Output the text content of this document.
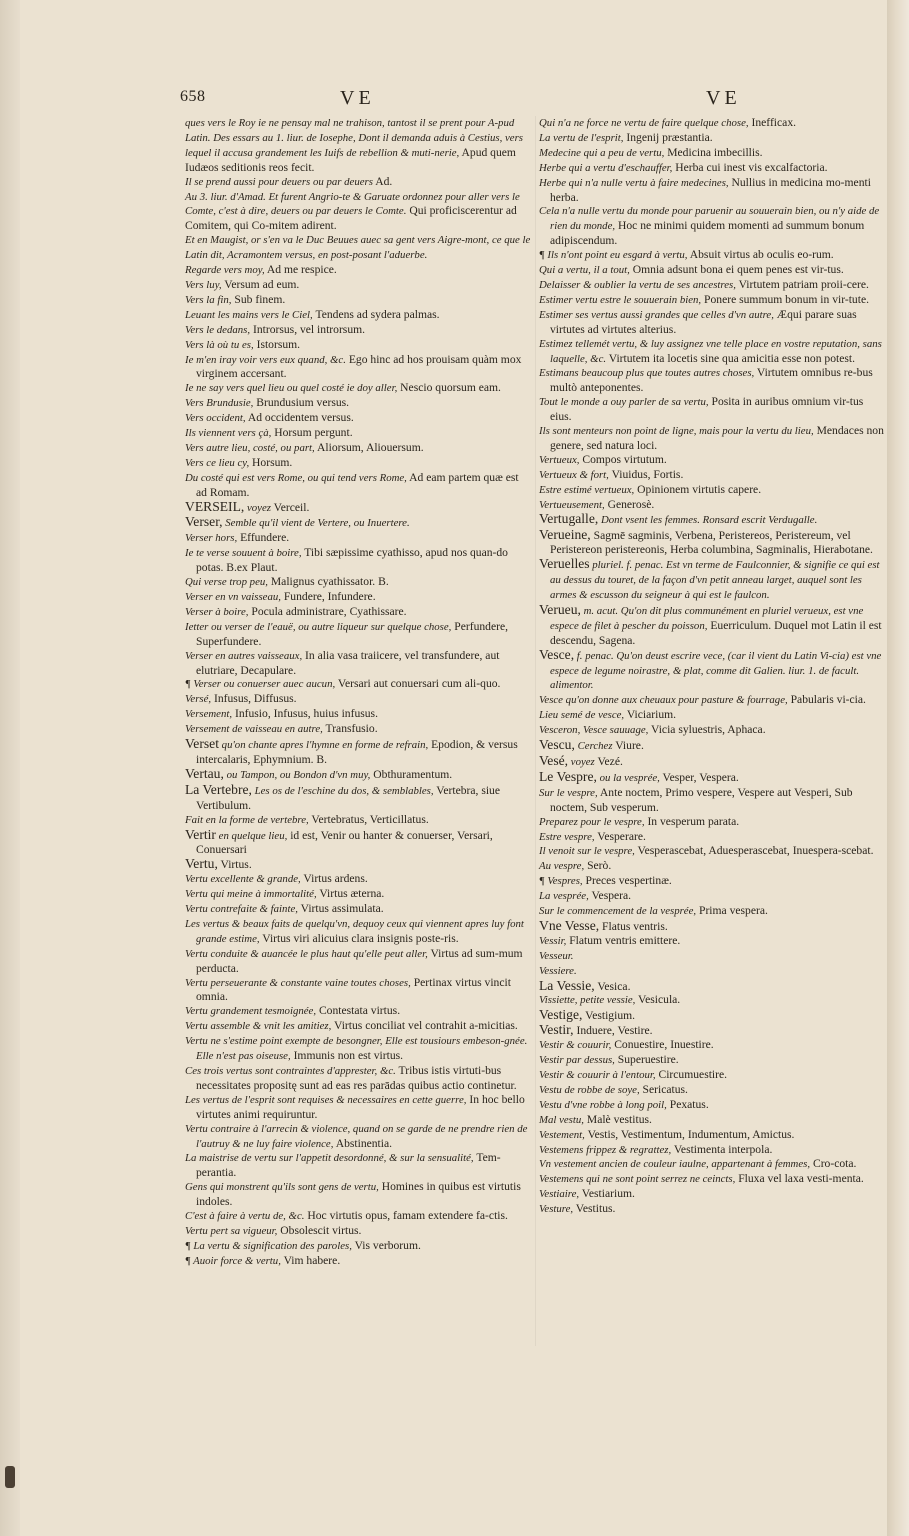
658	VE	VE
ques vers le Roy ie ne pensay mal ne trahison, tantost il se prent pour A-pud Latin. Des essars au 1. liur. de Iosephe, Dont il demanda aduis à Cestius, vers lequel il accusa grandement les Iuifs de rebellion & muti-nerie, Apud quem Iudæos seditionis reos fecit.
Il se prend aussi pour deuers ou par deuers Ad.
Au 3. liur. d'Amad. Et furent Angrio-te & Garuate ordonnez pour aller vers le Comte, c'est à dire, deuers ou par deuers le Comte. Qui proficiscerentur ad Comitem, qui Co-mitem adirent.
Et en Maugist, or s'en va le Duc Beuues auec sa gent vers Aigre-mont, ce que le Latin dit, Acramontem versus, en post-posant l'aduerbe.
Regarde vers moy, Ad me respice.
Vers luy, Versum ad eum.
Vers la fin, Sub finem.
Leuant les mains vers le Ciel, Tendens ad sydera palmas.
Vers le dedans, Introrsus, vel introrsum.
Vers là où tu es, Istorsum.
Ie m'en iray voir vers eux quand, &c. Ego hinc ad hos prouisam quàm mox virginem accersant.
Ie ne say vers quel lieu ou quel costé ie doy aller, Nescio quorsum eam.
Vers Brundusie, Brundusium versus.
Vers occident, Ad occidentem versus.
Ils viennent vers çà, Horsum pergunt.
Vers autre lieu, costé, ou part, Aliorsum, Aliouersum.
Vers ce lieu cy, Horsum.
Du costé qui est vers Rome, ou qui tend vers Rome, Ad eam partem quæ est ad Romam.
VERSEIL, voyez Verceil.
Verser, Semble qu'il vient de Vertere, ou Inuertere.
Verser hors, Effundere.
Ie te verse souuent à boire, Tibi sæpissime cyathisso, apud nos quan-do potas. B.ex Plaut.
Qui verse trop peu, Malignus cyathissator. B.
Verser en vn vaisseau, Fundere, Infundere.
Verser à boire, Pocula administrare, Cyathissare.
Ietter ou verser de l'eauë, ou autre liqueur sur quelque chose, Perfundere, Superfundere.
Verser en autres vaisseaux, In alia vasa traiicere, vel transfundere, aut elutriare, Decapulare.
¶ Verser ou conuerser auec aucun, Versari aut conuersari cum ali-quo.
Versé, Infusus, Diffusus.
Versement, Infusio, Infusus, huius infusus.
Versement de vaisseau en autre, Transfusio.
Verset qu'on chante apres l'hymne en forme de refrain, Epodion, & versus intercalaris, Ephymnium. B.
Vertau, ou Tampon, ou Bondon d'vn muy, Obthuramentum.
La Vertebre, Les os de l'eschine du dos, & semblables, Vertebra, siue Vertibulum.
Fait en la forme de vertebre, Vertebratus, Verticillatus.
Vertir en quelque lieu, id est, Venir ou hanter & conuerser, Versari, Conuersari
Vertu, Virtus.
Vertu excellente & grande, Virtus ardens.
Vertu qui meine à immortalité, Virtus æterna.
Vertu contrefaite & fainte, Virtus assimulata.
Les vertus & beaux faits de quelqu'vn, dequoy ceux qui viennent apres luy font grande estime, Virtus viri alicuius clara insignis poste-ris.
Vertu conduite & auancée le plus haut qu'elle peut aller, Virtus ad sum-mum perducta.
Vertu perseuerante & constante vaine toutes choses, Pertinax virtus vincit omnia.
Vertu grandement tesmoignée, Contestata virtus.
Vertu assemble & vnit les amitiez, Virtus conciliat vel contrahit a-micitias.
Vertu ne s'estime point exempte de besongner, Elle est tousiours embeson-gnée. Elle n'est pas oiseuse, Immunis non est virtus.
Ces trois vertus sont contraintes d'apprester, &c. Tribus istis virtuti-bus necessitates propositę sunt ad eas res parādas quibus actio continetur.
Les vertus de l'esprit sont requises & necessaires en cette guerre, In hoc bello virtutes animi requiruntur.
Vertu contraire à l'arrecin & violence, quand on se garde de ne prendre rien de l'autruy & ne luy faire violence, Abstinentia.
La maistrise de vertu sur l'appetit desordonné, & sur la sensualité, Tem-perantia.
Gens qui monstrent qu'ils sont gens de vertu, Homines in quibus est virtutis indoles.
C'est à faire à vertu de, &c. Hoc virtutis opus, famam extendere fa-ctis.
Vertu pert sa vigueur, Obsolescit virtus.
¶ La vertu & signification des paroles, Vis verborum.
¶ Auoir force & vertu, Vim habere.
Qui n'a ne force ne vertu de faire quelque chose, Inefficax.
La vertu de l'esprit, Ingenij præstantia.
Medecine qui a peu de vertu, Medicina imbecillis.
Herbe qui a vertu d'eschauffer, Herba cui inest vis excalfactoria.
Herbe qui n'a nulle vertu à faire medecines, Nullius in medicina mo-menti herba.
Cela n'a nulle vertu du monde pour paruenir au souuerain bien, ou n'y aide de rien du monde, Hoc ne minimi quidem momenti ad summum bonum adipiscendum.
¶ Ils n'ont point eu esgard à vertu, Absuit virtus ab oculis eo-rum.
Qui a vertu, il a tout, Omnia adsunt bona ei quem penes est vir-tus.
Delaisser & oublier la vertu de ses ancestres, Virtutem patriam proii-cere.
Estimer vertu estre le souuerain bien, Ponere summum bonum in vir-tute.
Estimer ses vertus aussi grandes que celles d'vn autre, Æqui parare suas virtutes ad virtutes alterius.
Estimez tellemét vertu, & luy assignez vne telle place en vostre reputation, sans laquelle, &c. Virtutem ita locetis sine qua amicitia esse non potest.
Estimans beaucoup plus que toutes autres choses, Virtutem omnibus re-bus multò anteponentes.
Tout le monde a ouy parler de sa vertu, Posita in auribus omnium vir-tus eius.
Ils sont menteurs non point de ligne, mais pour la vertu du lieu, Mendaces non genere, sed natura loci.
Vertueux, Compos virtutum.
Vertueux & fort, Viuidus, Fortis.
Estre estimé vertueux, Opinionem virtutis capere.
Vertueusement, Generosè.
Vertugalle, Dont vsent les femmes. Ronsard escrit Verdugalle.
Verueine, Sagmē sagminis, Verbena, Peristereos, Peristereum, vel Peristereon peristereonis, Herba columbina, Sagminalis, Hierabotane.
Veruelles pluriel. f. penac. Est vn terme de Faulconnier, & signifie ce qui est au dessus du touret, de la façon d'vn petit anneau larget, auquel sont les armes & escusson du seigneur à qui est le faulcon.
Verueu, m. acut. Qu'on dit plus communément en pluriel verueux, est vne espece de filet à pescher du poisson, Euerriculum. Duquel mot Latin il est descendu, Sagena.
Vesce, f. penac. Qu'on deust escrire vece, (car il vient du Latin Vi-cia) est vne espece de legume noirastre, & plat, comme dit Galien. liur. 1. de facult. alimentor.
Vesce qu'on donne aux cheuaux pour pasture & fourrage, Pabularis vi-cia.
Lieu semé de vesce, Viciarium.
Vesceron, Vesce sauuage, Vicia syluestris, Aphaca.
Vescu, Cerchez Viure.
Vesé, voyez Vezé.
Le Vespre, ou la vesprée, Vesper, Vespera.
Sur le vespre, Ante noctem, Primo vespere, Vespere aut Vesperi, Sub noctem, Sub vesperum.
Preparez pour le vespre, In vesperum parata.
Estre vespre, Vesperare.
Il venoit sur le vespre, Vesperascebat, Aduesperascebat, Inuespera-scebat.
Au vespre, Serò.
¶ Vespres, Preces vespertinæ.
La vesprée, Vespera.
Sur le commencement de la vesprée, Prima vespera.
Vne Vesse, Flatus ventris.
Vessir, Flatum ventris emittere.
Vesseur.
Vessiere.
La Vessie, Vesica.
Vissiette, petite vessie, Vesicula.
Vestige, Vestigium.
Vestir, Induere, Vestire.
Vestir & couurir, Conuestire, Inuestire.
Vestir par dessus, Superuestire.
Vestir & couurir à l'entour, Circumuestire.
Vestu de robbe de soye, Sericatus.
Vestu d'vne robbe à long poil, Pexatus.
Mal vestu, Malè vestitus.
Vestement, Vestis, Vestimentum, Indumentum, Amictus.
Vestemens frippez & regrattez, Vestimenta interpola.
Vn vestement ancien de couleur iaulne, appartenant à femmes, Cro-cota.
Vestemens qui ne sont point serrez ne ceincts, Fluxa vel laxa vesti-menta.
Vestiaire, Vestiarium.
Vesture, Vestitus.
